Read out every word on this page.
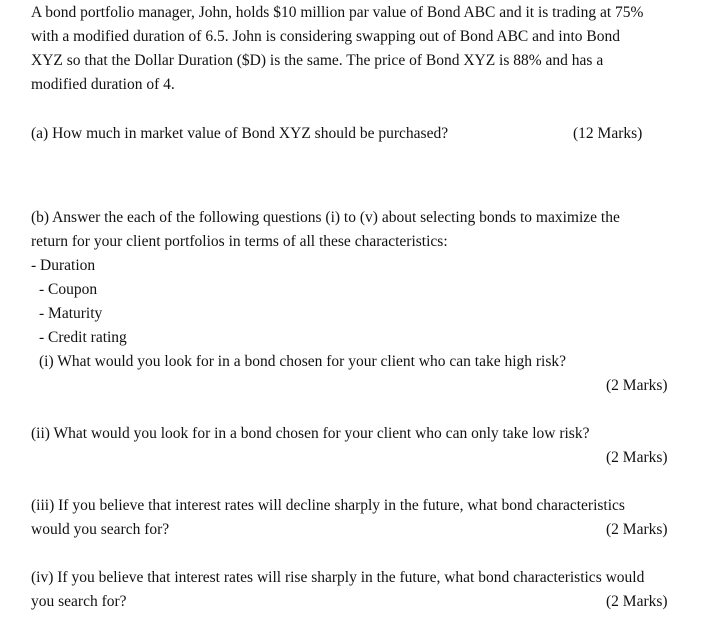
A bond portfolio manager, John, holds $10 million par value of Bond ABC and it is trading at 75%
with a modified duration of 6.5. John is considering swapping out of Bond ABC and into Bond
XYZ so that the Dollar Duration ($D) is the same. The price of Bond XYZ is 88% and has a
modified duration of 4.
(a) How much in market value of Bond XYZ should be purchased?	(12 Marks)
(b) Answer the each of the following questions (i) to (v) about selecting bonds to maximize the
return for your client portfolios in terms of all these characteristics:
- Duration
- Coupon
- Maturity
- Credit rating
(i) What would you look for in a bond chosen for your client who can take high risk?
(2 Marks)
(ii) What would you look for in a bond chosen for your client who can only take low risk?
(2 Marks)
(iii) If you believe that interest rates will decline sharply in the future, what bond characteristics
would you search for?	(2 Marks)
(iv) If you believe that interest rates will rise sharply in the future, what bond characteristics would
you search for?	(2 Marks)
